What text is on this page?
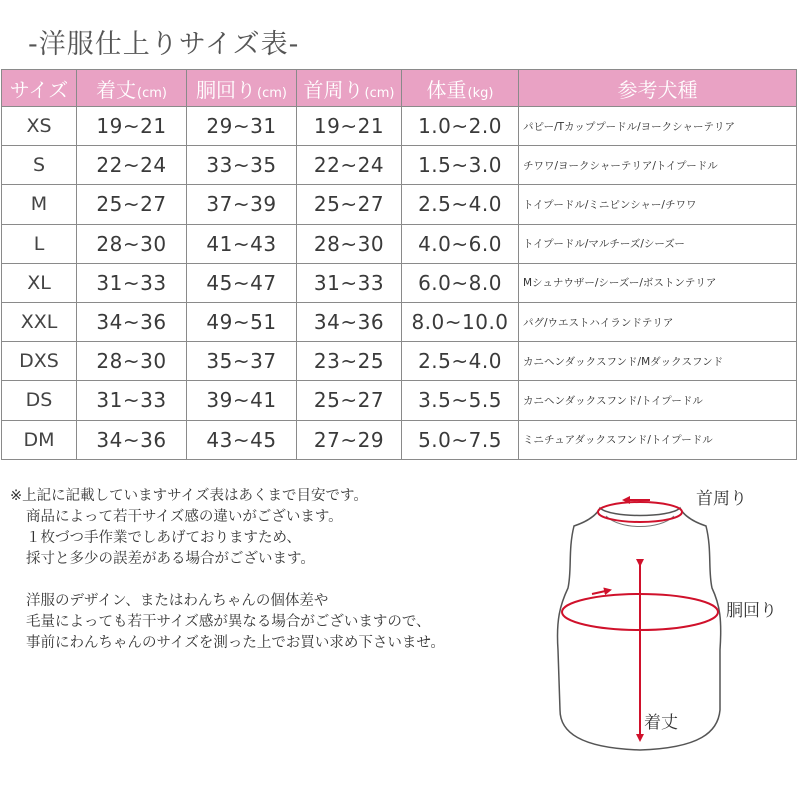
-洋服仕上りサイズ表-
サイズ	着丈(cm)	胴回り(cm)	首周り(cm)	体重(kg)	参考犬種
XS	19~21	29~31	19~21	1.0~2.0	パピー/Tカッププードル/ヨークシャーテリア
S	22~24	33~35	22~24	1.5~3.0	チワワ/ヨークシャーテリア/トイプードル
M	25~27	37~39	25~27	2.5~4.0	トイプードル/ミニピンシャー/チワワ
L	28~30	41~43	28~30	4.0~6.0	トイプードル/マルチーズ/シーズー
XL	31~33	45~47	31~33	6.0~8.0	Mシュナウザー/シーズー/ボストンテリア
XXL	34~36	49~51	34~36	8.0~10.0	パグ/ウエストハイランドテリア
DXS	28~30	35~37	23~25	2.5~4.0	カニヘンダックスフンド/Mダックスフンド
DS	31~33	39~41	25~27	3.5~5.5	カニヘンダックスフンド/トイプードル
DM	34~36	43~45	27~29	5.0~7.5	ミニチュアダックスフンド/トイプードル
※上記に記載していますサイズ表はあくまで目安です。
商品によって若干サイズ感の違いがございます。
１枚づつ手作業でしあげておりますため、
採寸と多少の誤差がある場合がございます。
洋服のデザイン、またはわんちゃんの個体差や
毛量によっても若干サイズ感が異なる場合がございますので、
事前にわんちゃんのサイズを測った上でお買い求め下さいませ。
首周り
胴回り
着丈
